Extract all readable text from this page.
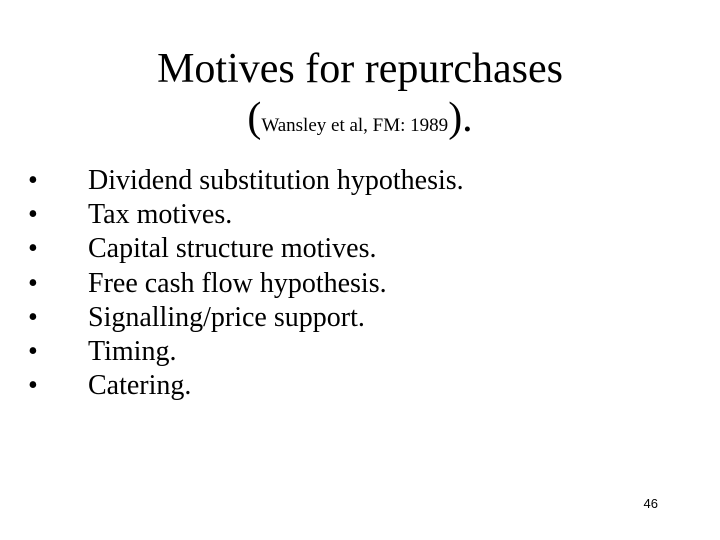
Motives for repurchases
(Wansley et al, FM: 1989).
•	Dividend substitution hypothesis.
•	Tax motives.
•	Capital structure motives.
•	Free cash flow hypothesis.
•	Signalling/price support.
•	Timing.
•	Catering.
46
